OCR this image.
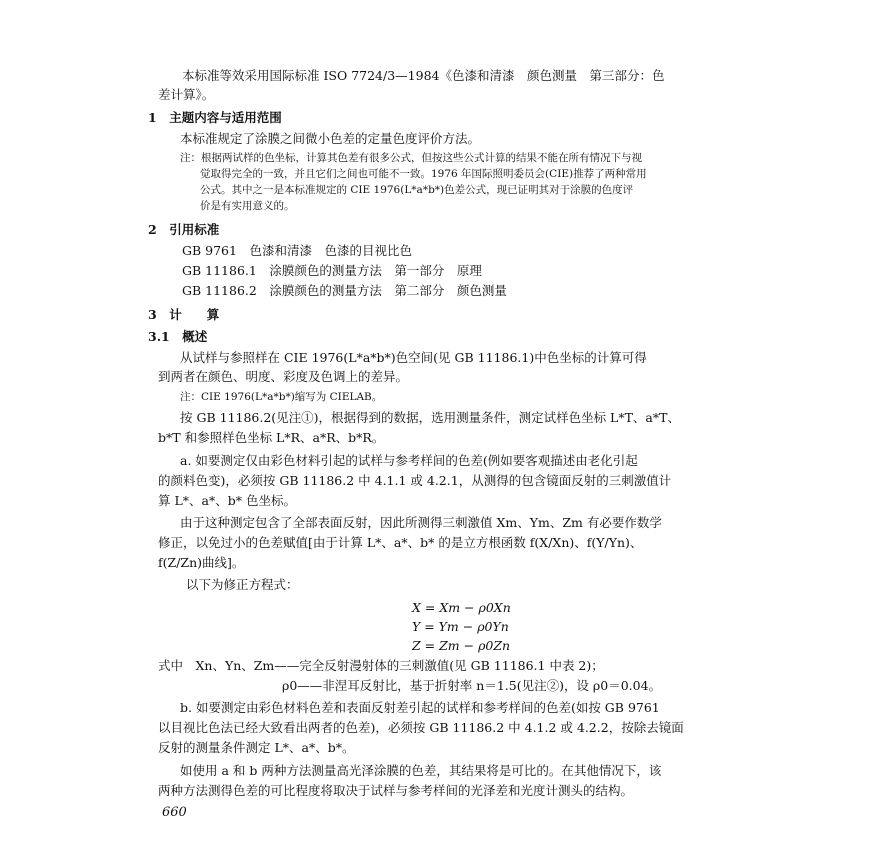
本标准等效采用国际标准 ISO 7724/3—1984《色漆和清漆　颜色测量　第三部分：色
差计算》。
1　主题内容与适用范围
本标准规定了涂膜之间微小色差的定量色度评价方法。
注：根据两试样的色坐标，计算其色差有很多公式，但按这些公式计算的结果不能在所有情况下与视
觉取得完全的一致，并且它们之间也可能不一致。1976 年国际照明委员会(CIE)推荐了两种常用
公式。其中之一是本标准规定的 CIE 1976(L*a*b*)色差公式，现已证明其对于涂膜的色度评
价是有实用意义的。
2　引用标准
GB 9761　色漆和清漆　色漆的目视比色
GB 11186.1　涂膜颜色的测量方法　第一部分　原理
GB 11186.2　涂膜颜色的测量方法　第二部分　颜色测量
3　计　　算
3.1　概述
从试样与参照样在 CIE 1976(L*a*b*)色空间(见 GB 11186.1)中色坐标的计算可得
到两者在颜色、明度、彩度及色调上的差异。
注：CIE 1976(L*a*b*)缩写为 CIELAB。
按 GB 11186.2(见注①)，根据得到的数据，选用测量条件，测定试样色坐标 L*T、a*T、
b*T 和参照样色坐标 L*R、a*R、b*R。
a. 如要测定仅由彩色材料引起的试样与参考样间的色差(例如要客观描述由老化引起
的颜料色变)，必须按 GB 11186.2 中 4.1.1 或 4.2.1，从测得的包含镜面反射的三刺激值计
算 L*、a*、b* 色坐标。
由于这种测定包含了全部表面反射，因此所测得三刺激值 Xm、Ym、Zm 有必要作数学
修正，以免过小的色差赋值[由于计算 L*、a*、b* 的是立方根函数 f(X/Xn)、f(Y/Yn)、
f(Z/Zn)曲线]。
以下为修正方程式：
X = Xm − ρ0Xn
Y = Ym − ρ0Yn
Z = Zm − ρ0Zn
式中　Xn、Yn、Zm——完全反射漫射体的三刺激值(见 GB 11186.1 中表 2)；
ρ0——非涅耳反射比，基于折射率 n＝1.5(见注②)，设 ρ0＝0.04。
b. 如要测定由彩色材料色差和表面反射差引起的试样和参考样间的色差(如按 GB 9761
以目视比色法已经大致看出两者的色差)，必须按 GB 11186.2 中 4.1.2 或 4.2.2，按除去镜面
反射的测量条件测定 L*、a*、b*。
如使用 a 和 b 两种方法测量高光泽涂膜的色差，其结果将是可比的。在其他情况下，该
两种方法测得色差的可比程度将取决于试样与参考样间的光泽差和光度计测头的结构。
660
